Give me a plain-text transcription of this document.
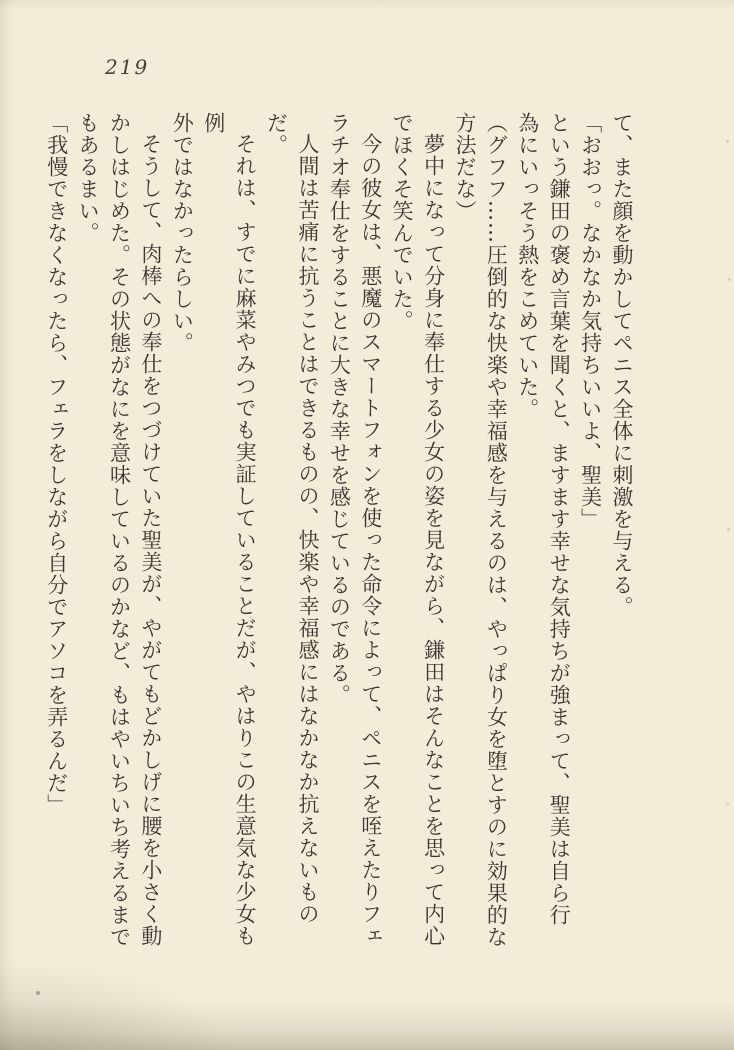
219
て、また顔を動かしてペニス全体に刺激を与える。
「おおっ。なかなか気持ちいいよ、聖美」
という鎌田の褒め言葉を聞くと、ますます幸せな気持ちが強まって、聖美は自ら行
為にいっそう熱をこめていた。
（グフフ……圧倒的な快楽や幸福感を与えるのは、やっぱり女を堕とすのに効果的な
方法だな）
夢中になって分身に奉仕する少女の姿を見ながら、鎌田はそんなことを思って内心
でほくそ笑んでいた。
今の彼女は、悪魔のスマートフォンを使った命令によって、ペニスを咥えたりフェ
ラチオ奉仕をすることに大きな幸せを感じているのである。
人間は苦痛に抗うことはできるものの、快楽や幸福感にはなかなか抗えないものだ。
それは、すでに麻菜やみつでも実証していることだが、やはりこの生意気な少女も例
外ではなかったらしい。
そうして、肉棒への奉仕をつづけていた聖美が、やがてもどかしげに腰を小さく動
かしはじめた。その状態がなにを意味しているのかなど、もはやいちいち考えるまで
もあるまい。
「我慢できなくなったら、フェラをしながら自分でアソコを弄るんだ」
